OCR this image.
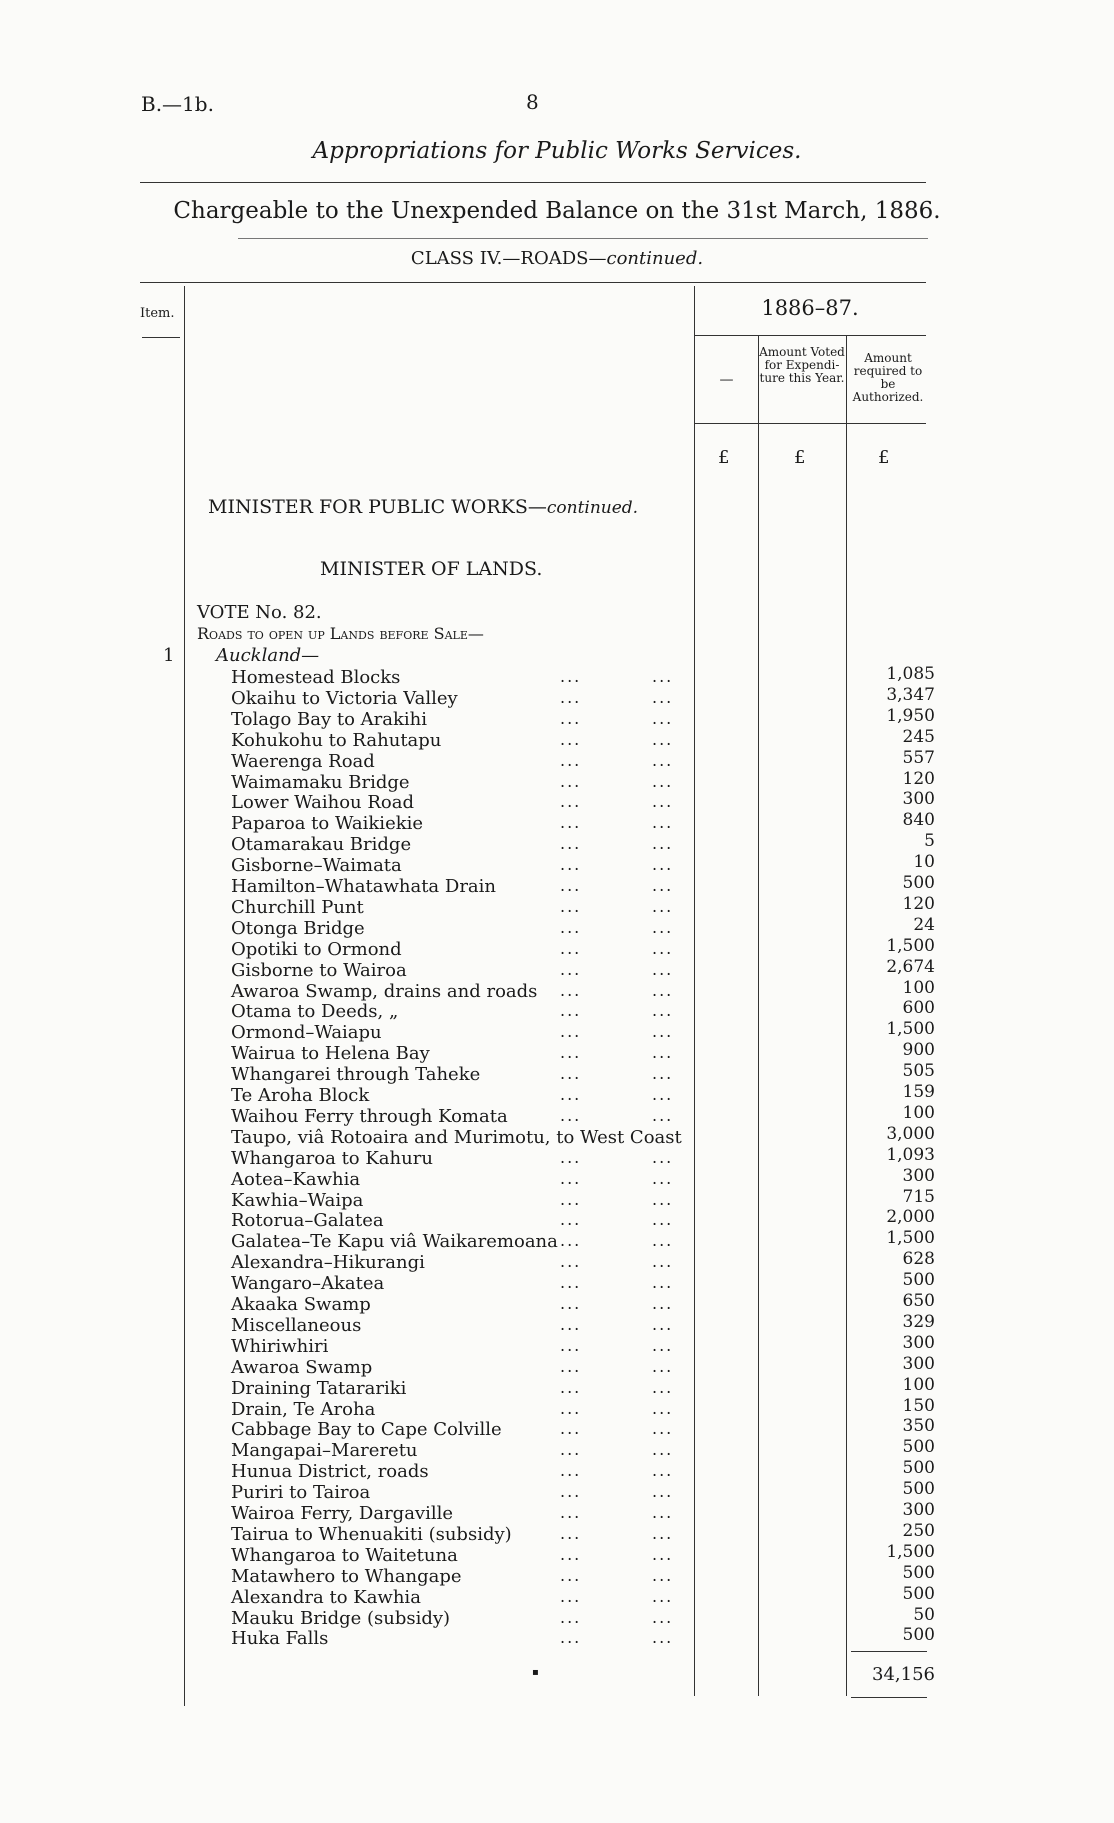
B.—1b.	8
Appropriations for Public Works Services.
Chargeable to the Unexpended Balance on the 31st March, 1886.
CLASS IV.—ROADS—continued.
Item.	1886–87.
—
Amount Voted for Expendi- ture this Year.
Amount required to be Authorized.
£	£	£
MINISTER FOR PUBLIC WORKS—continued.
MINISTER OF LANDS.
VOTE No. 82.
Roads to open up Lands before Sale—
1 Auckland—
Homestead Blocks	...	...	1,085
Okaihu to Victoria Valley	...	...	3,347
Tolago Bay to Arakihi	...	...	1,950
Kohukohu to Rahutapu	...	...	245
Waerenga Road	...	...	557
Waimamaku Bridge	...	...	120
Lower Waihou Road	...	...	300
Paparoa to Waikiekie	...	...	840
Otamarakau Bridge	...	...	5
Gisborne–Waimata	...	...	10
Hamilton–Whatawhata Drain	...	...	500
Churchill Punt	...	...	120
Otonga Bridge	...	...	24
Opotiki to Ormond	...	...	1,500
Gisborne to Wairoa	...	...	2,674
Awaroa Swamp, drains and roads ...	...	100
Otama to Deeds, „	...	...	600
Ormond–Waiapu	...	...	1,500
Wairua to Helena Bay	...	...	900
Whangarei through Taheke	...	...	505
Te Aroha Block	...	...	159
Waihou Ferry through Komata	...	...	100
Taupo, viâ Rotoaira and Murimotu, to West Coast	3,000
Whangaroa to Kahuru	...	...	1,093
Aotea–Kawhia	...	...	300
Kawhia–Waipa	...	...	715
Rotorua–Galatea	...	...	2,000
Galatea–Te Kapu viâ Waikaremoana ...	...	1,500
Alexandra–Hikurangi	...	...	628
Wangaro–Akatea	...	...	500
Akaaka Swamp	...	...	650
Miscellaneous	...	...	329
Whiriwhiri	...	...	300
Awaroa Swamp	...	...	300
Draining Tatarariki	...	...	100
Drain, Te Aroha	...	...	150
Cabbage Bay to Cape Colville	...	...	350
Mangapai–Mareretu	...	...	500
Hunua District, roads	...	...	500
Puriri to Tairoa	...	...	500
Wairoa Ferry, Dargaville	...	...	300
Tairua to Whenuakiti (subsidy)	...	...	250
Whangaroa to Waitetuna	...	...	1,500
Matawhero to Whangape	...	...	500
Alexandra to Kawhia	...	...	500
Mauku Bridge (subsidy)	...	...	50
Huka Falls	...	...	500
▪	34,156
